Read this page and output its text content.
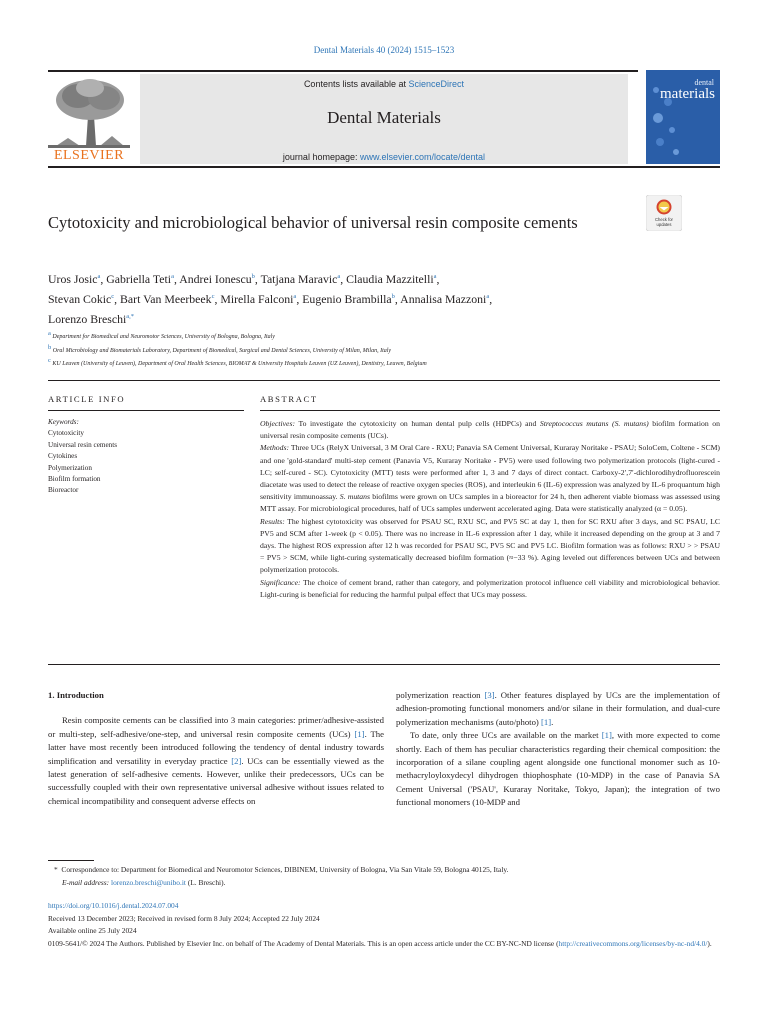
Dental Materials 40 (2024) 1515–1523
ELSEVIER
Contents lists available at ScienceDirect
Dental Materials
journal homepage: www.elsevier.com/locate/dental
dental
materials
Check for
updates
Cytotoxicity and microbiological behavior of universal resin composite cements
Uros Josic$^a$, Gabriella Teti$^a$, Andrei Ionescu$^b$, Tatjana Maravic$^a$, Claudia Mazzitelli$^a$,
Stevan Cokic$^c$, Bart Van Meerbeek$^c$, Mirella Falconi$^a$, Eugenio Brambilla$^b$, Annalisa Mazzoni$^a$,
Lorenzo Breschi$^{a,*}$
$^a$ Department for Biomedical and Neuromotor Sciences, University of Bologna, Bologna, Italy
$^b$ Oral Microbiology and Biomaterials Laboratory, Department of Biomedical, Surgical and Dental Sciences, University of Milan, Milan, Italy
$^c$ KU Leuven (University of Leuven), Department of Oral Health Sciences, BIOMAT & University Hospitals Leuven (UZ Leuven), Dentistry, Leuven, Belgium
ARTICLE INFO	ABSTRACT
Keywords:
Cytotoxicity
Universal resin cements
Cytokines
Polymerization
Biofilm formation
Bioreactor

Objectives: To investigate the cytotoxicity on human dental pulp cells (HDPCs) and Streptococcus mutans (S. mutans) biofilm formation on universal resin composite cements (UCs).

Methods: Three UCs (RelyX Universal, 3 M Oral Care - RXU; Panavia SA Cement Universal, Kuraray Noritake - PSAU; SoloCem, Coltene - SCM) and one 'gold-standard' multi-step cement (Panavia V5, Kuraray Noritake - PV5) were used following two polymerization protocols (light-cured - LC; self-cured - SC). Cytotoxicity (MTT) tests were performed after 1, 3 and 7 days of direct contact. Carboxy-2′,7′-dichlorodihydrofluorescein diacetate was used to detect the release of reactive oxygen species (ROS), and interleukin 6 (IL-6) expression was analyzed by IL-6 proquantum high sensitivity immunoassay. S. mutans biofilms were grown on UCs samples in a bioreactor for 24 h, then adherent viable biomass was assessed using MTT assay. For microbiological procedures, half of UCs samples underwent accelerated aging. Data were statistically analyzed (α = 0.05).

Results: The highest cytotoxicity was observed for PSAU SC, RXU SC, and PV5 SC at day 1, then for SC RXU after 3 days, and SC PSAU, LC PV5 and SCM after 1-week (p < 0.05). There was no increase in IL-6 expression after 1 day, while it increased depending on the group at 3 and 7 days. The highest ROS expression after 12 h was recorded for PSAU SC, PV5 SC and PV5 LC. Biofilm formation was as follows: RXU > > PSAU = PV5 > SCM, while light-curing systematically decreased biofilm formation (≈−33 %). Aging leveled out differences between UCs and between polymerization protocols.

Significance: The choice of cement brand, rather than category, and polymerization protocol influence cell viability and microbiological behavior. Light-curing is beneficial for reducing the harmful pulpal effect that UCs may possess.

1. Introduction

Resin composite cements can be classified into 3 main categories: primer/adhesive-assisted or multi-step, self-adhesive/one-step, and universal resin composite cements (UCs) [1]. The latter have most recently been introduced following the tendency of dental industry towards simplification and versatility in everyday practice [2]. UCs can be essentially viewed as the latest generation of self-adhesive cements. However, unlike their predecessors, UCs can be successfully coupled with their own representative universal adhesive without issues related to chemical incompatibility and consequent adverse effects on

polymerization reaction [3]. Other features displayed by UCs are the implementation of adhesion-promoting functional monomers and/or silane in their formulation, and dual-cure polymerization mechanisms (auto/photo) [1].

To date, only three UCs are available on the market [1], with more expected to come shortly. Each of them has peculiar characteristics regarding their chemical composition: the incorporation of a silane coupling agent alongside one functional monomer such as 10-methacryloyloxydecyl dihydrogen thiophosphate (10-MDP) in the case of Panavia SA Cement Universal ('PSAU', Kuraray Noritake, Tokyo, Japan); the integration of two functional monomers (10-MDP and

* Correspondence to: Department for Biomedical and Neuromotor Sciences, DIBINEM, University of Bologna, Via San Vitale 59, Bologna 40125, Italy.
E-mail address: lorenzo.breschi@unibo.it (L. Breschi).
https://doi.org/10.1016/j.dental.2024.07.004
Received 13 December 2023; Received in revised form 8 July 2024; Accepted 22 July 2024
Available online 25 July 2024
0109-5641/© 2024 The Authors. Published by Elsevier Inc. on behalf of The Academy of Dental Materials. This is an open access article under the CC BY-NC-ND license (http://creativecommons.org/licenses/by-nc-nd/4.0/).
